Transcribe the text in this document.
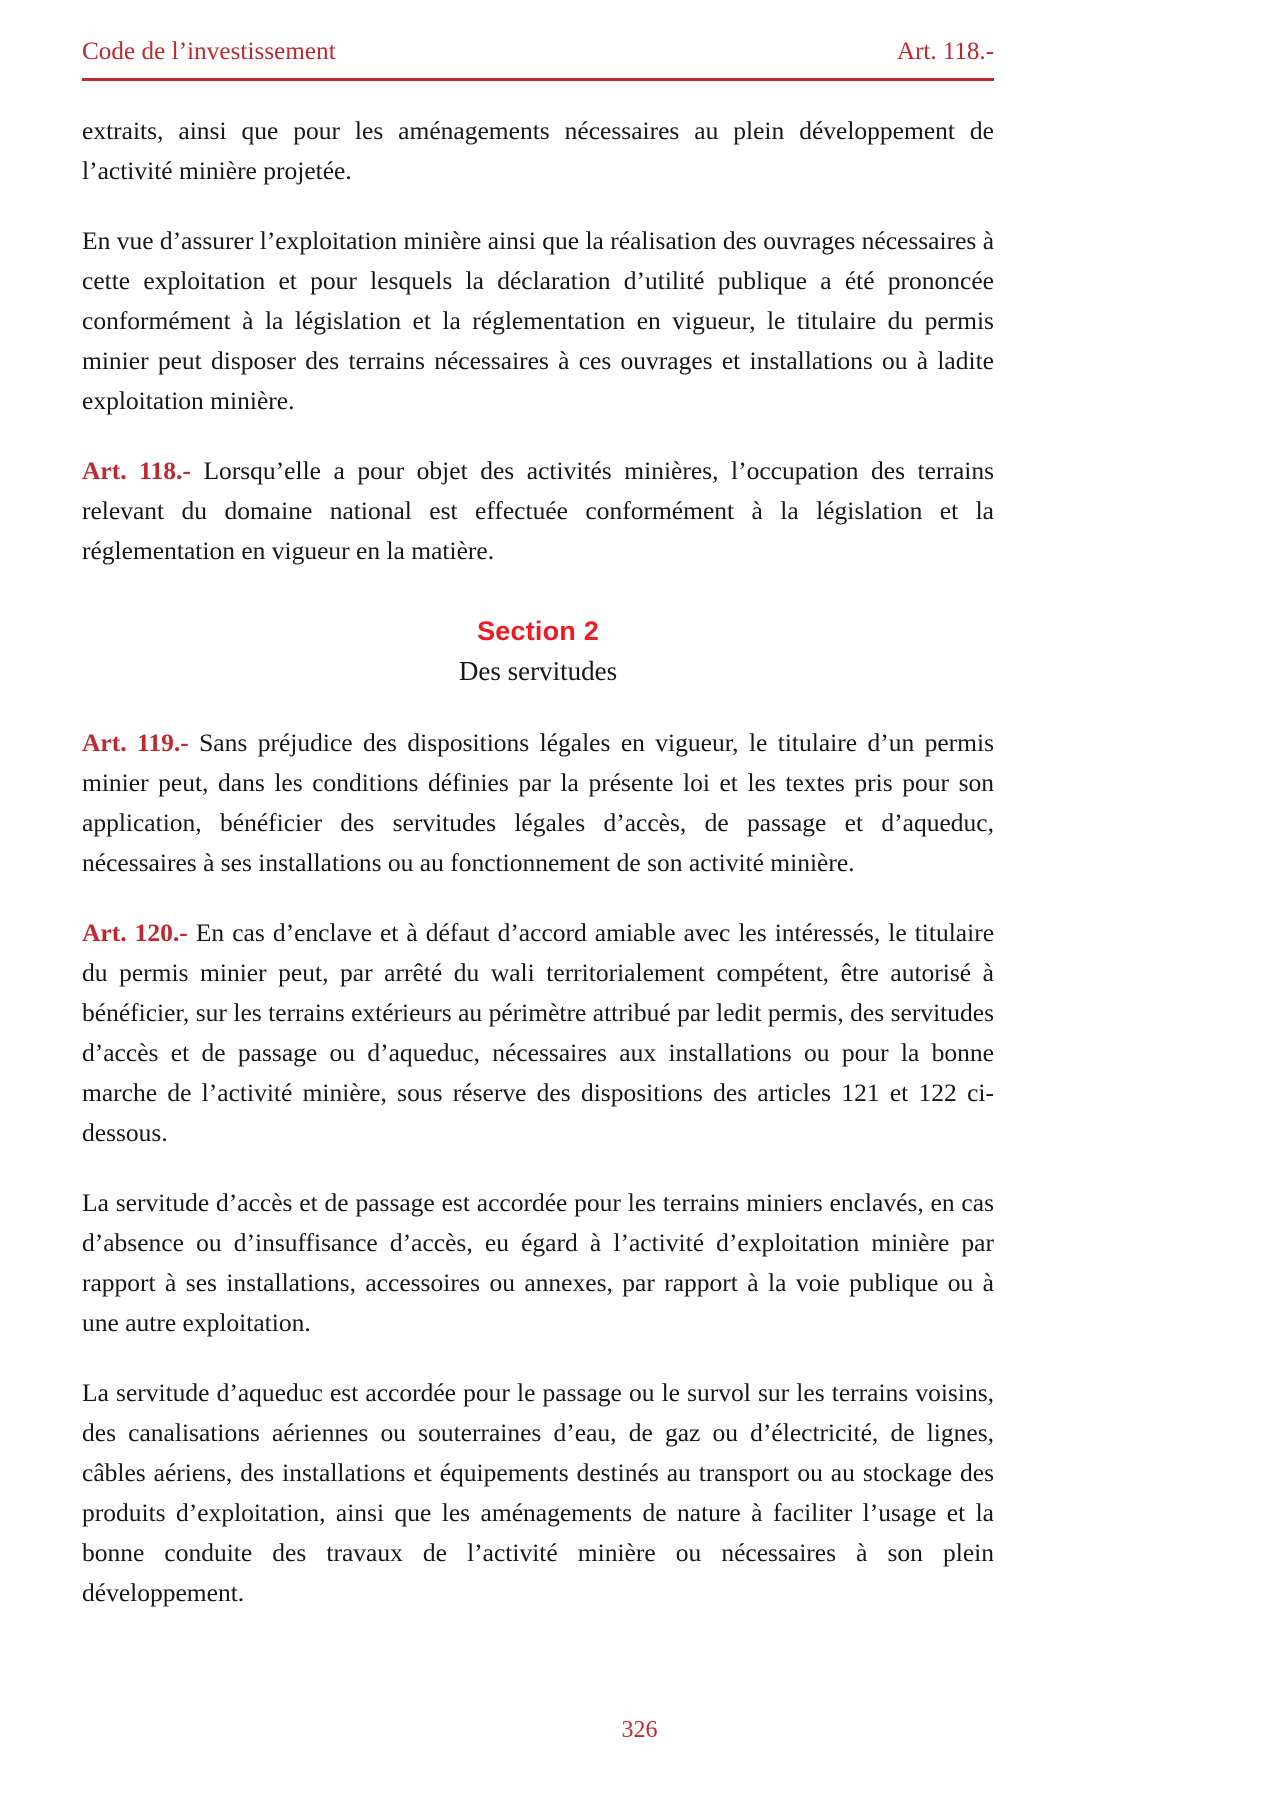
Code de l’investissement	Art. 118.-

extraits, ainsi que pour les aménagements nécessaires au plein développement de l’activité minière projetée.

En vue d’assurer l’exploitation minière ainsi que la réalisation des ouvrages nécessaires à cette exploitation et pour lesquels la déclaration d’utilité publique a été prononcée conformément à la législation et la réglementation en vigueur, le titulaire du permis minier peut disposer des terrains nécessaires à ces ouvrages et installations ou à ladite exploitation minière.

Art. 118.- Lorsqu’elle a pour objet des activités minières, l’occupation des terrains relevant du domaine national est effectuée conformément à la législation et la réglementation en vigueur en la matière.

Section 2
Des servitudes

Art. 119.- Sans préjudice des dispositions légales en vigueur, le titulaire d’un permis minier peut, dans les conditions définies par la présente loi et les textes pris pour son application, bénéficier des servitudes légales d’accès, de passage et d’aqueduc, nécessaires à ses installations ou au fonctionnement de son activité minière.

Art. 120.- En cas d’enclave et à défaut d’accord amiable avec les intéressés, le titulaire du permis minier peut, par arrêté du wali territorialement compétent, être autorisé à bénéficier, sur les terrains extérieurs au périmètre attribué par ledit permis, des servitudes d’accès et de passage ou d’aqueduc, nécessaires aux installations ou pour la bonne marche de l’activité minière, sous réserve des dispositions des articles 121 et 122 ci-dessous.

La servitude d’accès et de passage est accordée pour les terrains miniers enclavés, en cas d’absence ou d’insuffisance d’accès, eu égard à l’activité d’exploitation minière par rapport à ses installations, accessoires ou annexes, par rapport à la voie publique ou à une autre exploitation.

La servitude d’aqueduc est accordée pour le passage ou le survol sur les terrains voisins, des canalisations aériennes ou souterraines d’eau, de gaz ou d’électricité, de lignes, câbles aériens, des installations et équipements destinés au transport ou au stockage des produits d’exploitation, ainsi que les aménagements de nature à faciliter l’usage et la bonne conduite des travaux de l’activité minière ou nécessaires à son plein développement.

326
